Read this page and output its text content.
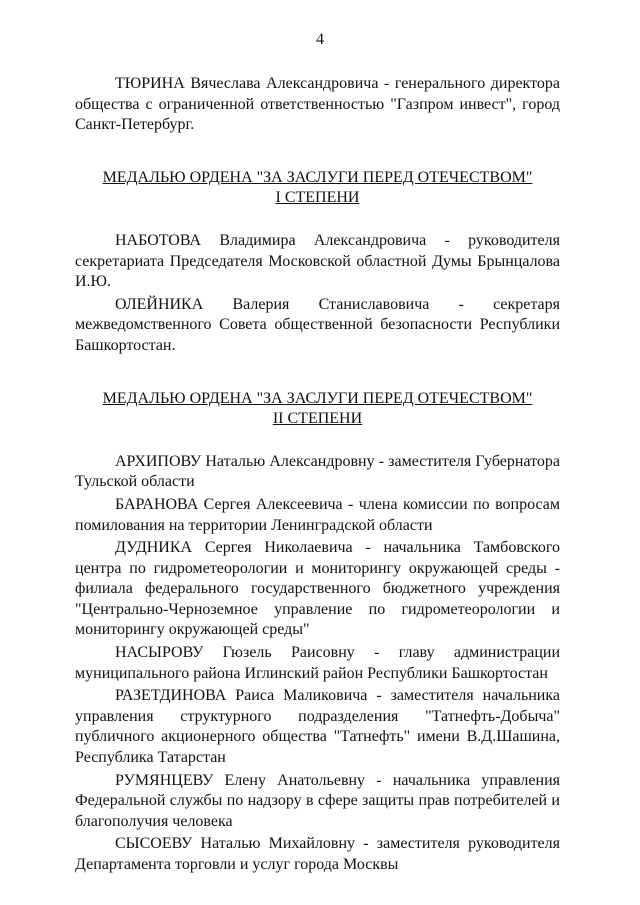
4

ТЮРИНА Вячеслава Александровича - генерального директора общества с ограниченной ответственностью "Газпром инвест", город Санкт-Петербург.

МЕДАЛЬЮ ОРДЕНА "ЗА ЗАСЛУГИ ПЕРЕД ОТЕЧЕСТВОМ"
I СТЕПЕНИ

НАБОТОВА Владимира Александровича - руководителя секретариата Председателя Московской областной Думы Брынцалова И.Ю.

ОЛЕЙНИКА Валерия Станиславовича - секретаря межведомственного Совета общественной безопасности Республики Башкортостан.

МЕДАЛЬЮ ОРДЕНА "ЗА ЗАСЛУГИ ПЕРЕД ОТЕЧЕСТВОМ"
II СТЕПЕНИ

АРХИПОВУ Наталью Александровну - заместителя Губернатора Тульской области

БАРАНОВА Сергея Алексеевича - члена комиссии по вопросам помилования на территории Ленинградской области

ДУДНИКА Сергея Николаевича - начальника Тамбовского центра по гидрометеорологии и мониторингу окружающей среды - филиала федерального государственного бюджетного учреждения "Центрально-Черноземное управление по гидрометеорологии и мониторингу окружающей среды"

НАСЫРОВУ Гюзель Раисовну - главу администрации муниципального района Иглинский район Республики Башкортостан

РАЗЕТДИНОВА Раиса Маликовича - заместителя начальника управления структурного подразделения "Татнефть-Добыча" публичного акционерного общества "Татнефть" имени В.Д.Шашина, Республика Татарстан

РУМЯНЦЕВУ Елену Анатольевну - начальника управления Федеральной службы по надзору в сфере защиты прав потребителей и благополучия человека

СЫСОЕВУ Наталью Михайловну - заместителя руководителя Департамента торговли и услуг города Москвы
